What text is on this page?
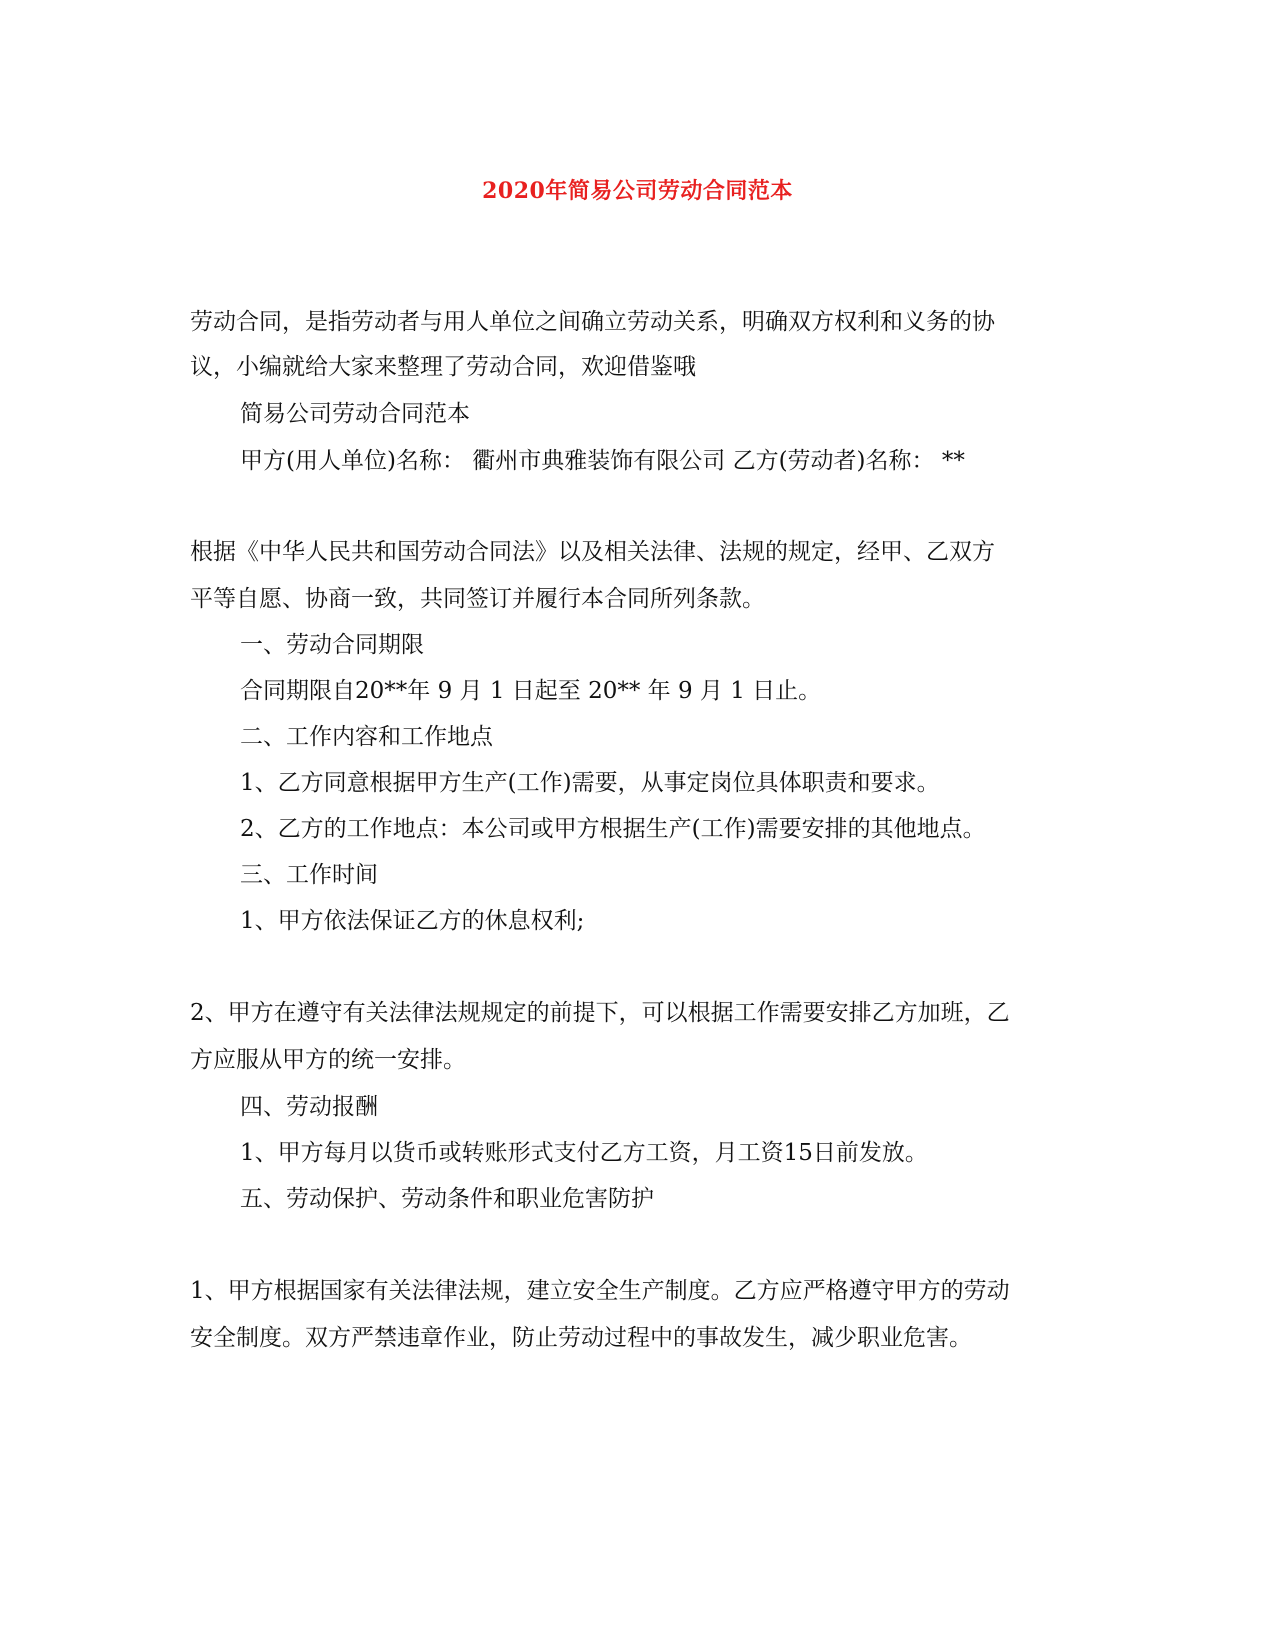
2020年简易公司劳动合同范本
劳动合同，是指劳动者与用人单位之间确立劳动关系，明确双方权利和义务的协
议，小编就给大家来整理了劳动合同，欢迎借鉴哦
简易公司劳动合同范本
甲方(用人单位)名称： 衢州市典雅装饰有限公司 乙方(劳动者)名称： **
根据《中华人民共和国劳动合同法》以及相关法律、法规的规定，经甲、乙双方
平等自愿、协商一致，共同签订并履行本合同所列条款。
一、劳动合同期限
合同期限自20**年 9 月 1 日起至 20** 年 9 月 1 日止。
二、工作内容和工作地点
1、乙方同意根据甲方生产(工作)需要，从事定岗位具体职责和要求。
2、乙方的工作地点：本公司或甲方根据生产(工作)需要安排的其他地点。
三、工作时间
1、甲方依法保证乙方的休息权利;
2、甲方在遵守有关法律法规规定的前提下，可以根据工作需要安排乙方加班，乙
方应服从甲方的统一安排。
四、劳动报酬
1、甲方每月以货币或转账形式支付乙方工资，月工资15日前发放。
五、劳动保护、劳动条件和职业危害防护
1、甲方根据国家有关法律法规，建立安全生产制度。乙方应严格遵守甲方的劳动
安全制度。双方严禁违章作业，防止劳动过程中的事故发生，减少职业危害。
